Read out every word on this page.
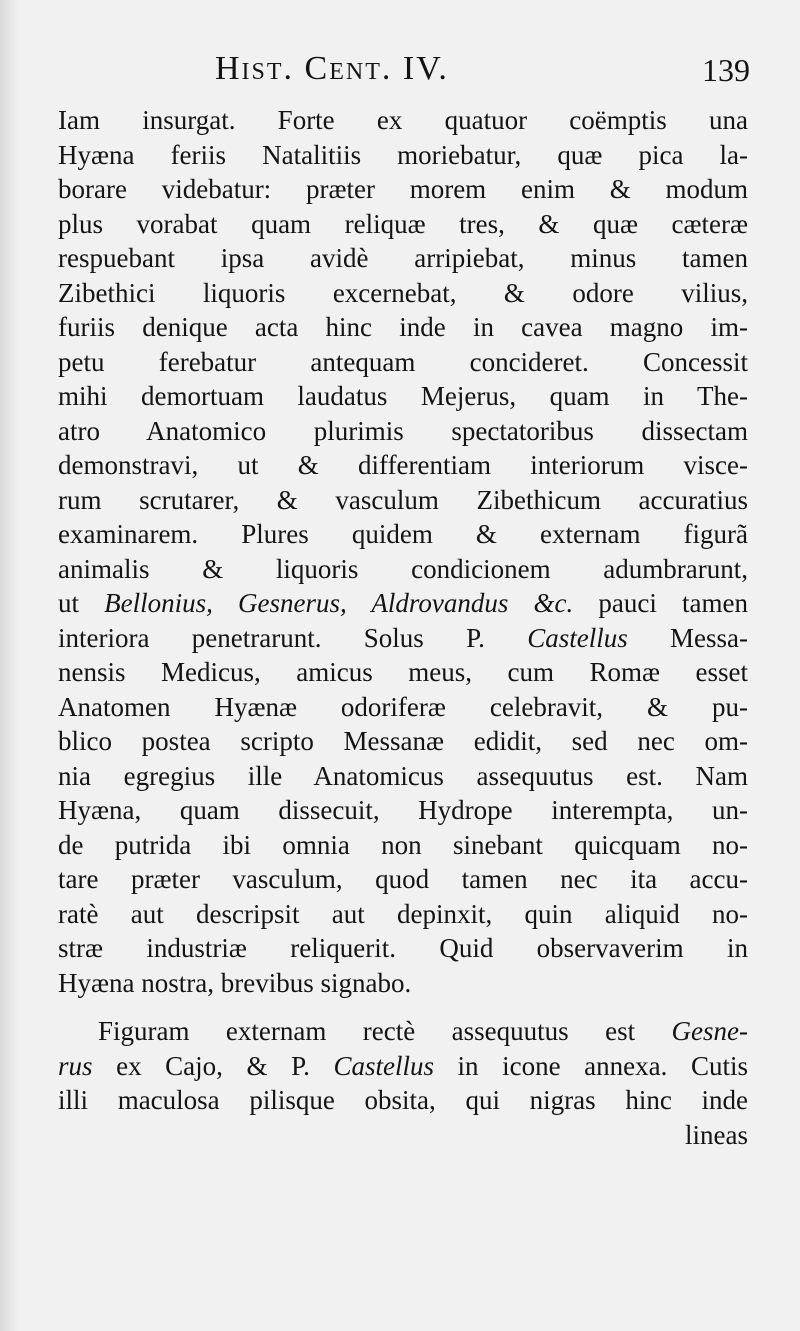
Hist. Cent. IV.	139
Iam insurgat. Forte ex quatuor coëmptis una
Hyæna feriis Natalitiis moriebatur, quæ pica la-
borare videbatur: præter morem enim & modum
plus vorabat quam reliquæ tres, & quæ cæteræ
respuebant ipsa avidè arripiebat, minus tamen
Zibethici liquoris excernebat, & odore vilius,
furiis denique acta hinc inde in cavea magno im-
petu ferebatur antequam concideret. Concessit
mihi demortuam laudatus Mejerus, quam in The-
atro Anatomico plurimis spectatoribus dissectam
demonstravi, ut & differentiam interiorum visce-
rum scrutarer, & vasculum Zibethicum accuratius
examinarem. Plures quidem & externam figurã
animalis & liquoris condicionem adumbrarunt,
ut Bellonius, Gesnerus, Aldrovandus &c. pauci tamen
interiora penetrarunt. Solus P. Castellus Messa-
nensis Medicus, amicus meus, cum Romæ esset
Anatomen Hyænæ odoriferæ celebravit, & pu-
blico postea scripto Messanæ edidit, sed nec om-
nia egregius ille Anatomicus assequutus est. Nam
Hyæna, quam dissecuit, Hydrope interempta, un-
de putrida ibi omnia non sinebant quicquam no-
tare præter vasculum, quod tamen nec ita accu-
ratè aut descripsit aut depinxit, quin aliquid no-
stræ industriæ reliquerit. Quid observaverim in
Hyæna nostra, brevibus signabo.
Figuram externam rectè assequutus est Gesne-
rus ex Cajo, & P. Castellus in icone annexa. Cutis
illi maculosa pilisque obsita, qui nigras hinc inde
lineas
